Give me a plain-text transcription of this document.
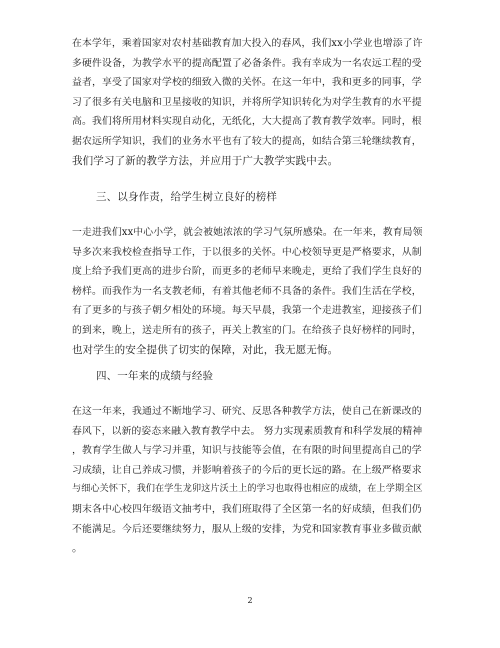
在本学年，乘着国家对农村基础教育加大投入的春风，我们xx小学业也增添了许
多硬件设备，为教学水平的提高配置了必备条件。我有幸成为一名农远工程的受
益者，享受了国家对学校的细致入微的关怀。在这一年中，我和更多的同事，学
习了很多有关电脑和卫星接收的知识，并将所学知识转化为对学生教育的水平提
高。我们将所用材料实现自动化，无纸化，大大提高了教育教学效率。同时，根
据农远所学知识，我们的业务水平也有了较大的提高，如结合第三轮继续教育，
我们学习了新的教学方法，并应用于广大教学实践中去。
三、以身作责，给学生树立良好的榜样
一走进我们xx中心小学，就会被她浓浓的学习气氛所感染。在一年来，教育局领
导多次来我校检查指导工作，于以很多的关怀。中心校领导更是严格要求，从制
度上给予我们更高的进步台阶，而更多的老师早来晚走，更给了我们学生良好的
榜样。而我作为一名支教老师，有着其他老师不具备的条件。我们生活在学校，
有了更多的与孩子朝夕相处的环境。每天早晨，我第一个走进教室，迎接孩子们
的到来，晚上，送走所有的孩子，再关上教室的门。在给孩子良好榜样的同时，
也对学生的安全提供了切实的保障，对此，我无愿无悔。
四、一年来的成绩与经验
在这一年来，我通过不断地学习、研究、反思各种教学方法，使自己在新课改的
春风下，以新的姿态来融入教育教学中去。 努力实现素质教育和科学发展的精神
，教育学生做人与学习并重，知识与技能等会值，在有限的时间里提高自己的学
习成绩，让自己养成习惯，并影响着孩子的今后的更长远的路。在上级严格要求
与细心关怀下，我们在学生龙卯这片沃土上的学习也取得也相应的成绩，在上学期全区
期末各中心校四年级语文抽考中，我们班取得了全区第一名的好成绩，但我们仍
不能满足。今后还要继续努力，服从上级的安排，为党和国家教育事业多做贡献
。
2
